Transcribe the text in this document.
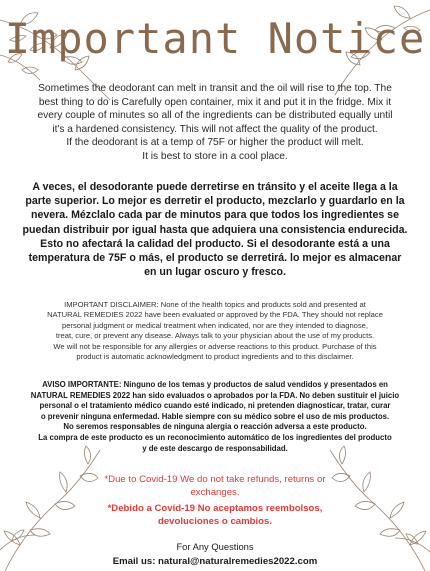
Important Notice
Sometimes the deodorant can melt in transit and the oil will rise to the top. The
best thing to do is Carefully open container, mix it and put it in the fridge. Mix it
every couple of minutes so all of the ingredients can be distributed equally until
it's a hardened consistency. This will not affect the quality of the product.
If the deodorant is at a temp of 75F or higher the product will melt.
It is best to store in a cool place.
A veces, el desodorante puede derretirse en tránsito y el aceite llega a la
parte superior. Lo mejor es derretir el producto, mezclarlo y guardarlo en la
nevera. Mézclalo cada par de minutos para que todos los ingredientes se
puedan distribuir por igual hasta que adquiera una consistencia endurecida.
Esto no afectará la calidad del producto. Si el desodorante está a una
temperatura de 75F o más, el producto se derretirá. lo mejor es almacenar
en un lugar oscuro y fresco.
IMPORTANT DISCLAIMER: None of the health topics and products sold and presented at
NATURAL REMEDIES 2022 have been evaluated or approved by the FDA. They should not replace
personal judgment or medical treatment when indicated, nor are they intended to diagnose,
treat, cure, or prevent any disease. Always talk to your physician about the use of my products.
We will not be responsible for any allergies or adverse reactions to this product. Purchase of this
product is automatic acknowledgment to product ingredients and to this disclaimer.
AVISO IMPORTANTE: Ninguno de los temas y productos de salud vendidos y presentados en
NATURAL REMEDIES 2022 han sido evaluados o aprobados por la FDA. No deben sustituir el juicio
personal o el tratamiento médico cuando esté indicado, ni pretenden diagnosticar, tratar, curar
o prevenir ninguna enfermedad. Hable siempre con su médico sobre el uso de mis productos.
No seremos responsables de ninguna alergia o reacción adversa a este producto.
La compra de este producto es un reconocimiento automático de los ingredientes del producto
y de este descargo de responsabilidad.
*Due to Covid-19 We do not take refunds, returns or
exchanges.
*Debido a Covid-19 No aceptamos reembolsos,
devoluciones o cambios.
For Any Questions
Email us: natural@naturalremedies2022.com
